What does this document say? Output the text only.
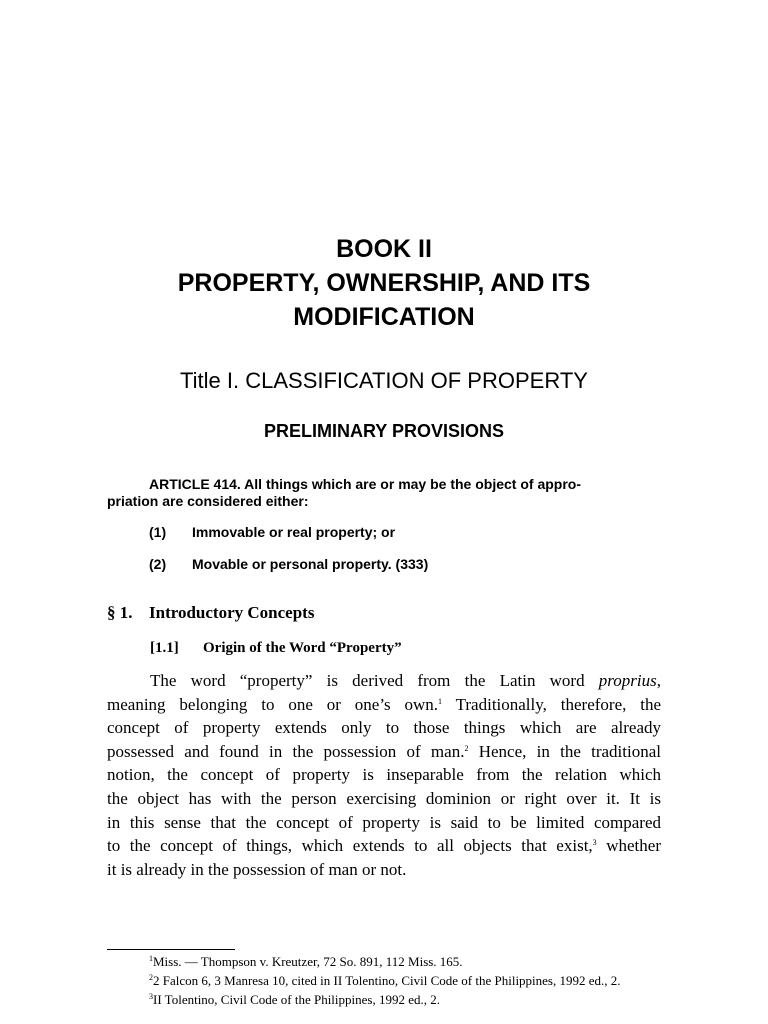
BOOK II
PROPERTY, OWNERSHIP, AND ITS
MODIFICATION
Title I. CLASSIFICATION OF PROPERTY
PRELIMINARY PROVISIONS
ARTICLE 414. All things which are or may be the object of appro-
priation are considered either:
(1) Immovable or real property; or
(2) Movable or personal property. (333)
§ 1. Introductory Concepts
[1.1] Origin of the Word “Property”
The word “property” is derived from the Latin word proprius,
meaning belonging to one or one’s own.$^1$ Traditionally, therefore, the
concept of property extends only to those things which are already
possessed and found in the possession of man.$^2$ Hence, in the traditional
notion, the concept of property is inseparable from the relation which
the object has with the person exercising dominion or right over it. It is
in this sense that the concept of property is said to be limited compared
to the concept of things, which extends to all objects that exist,$^3$ whether
it is already in the possession of man or not.

$^1$Miss. — Thompson v. Kreutzer, 72 So. 891, 112 Miss. 165.

$^2$2 Falcon 6, 3 Manresa 10, cited in II Tolentino, Civil Code of the Philippines, 1992 ed., 2.

$^3$II Tolentino, Civil Code of the Philippines, 1992 ed., 2.
